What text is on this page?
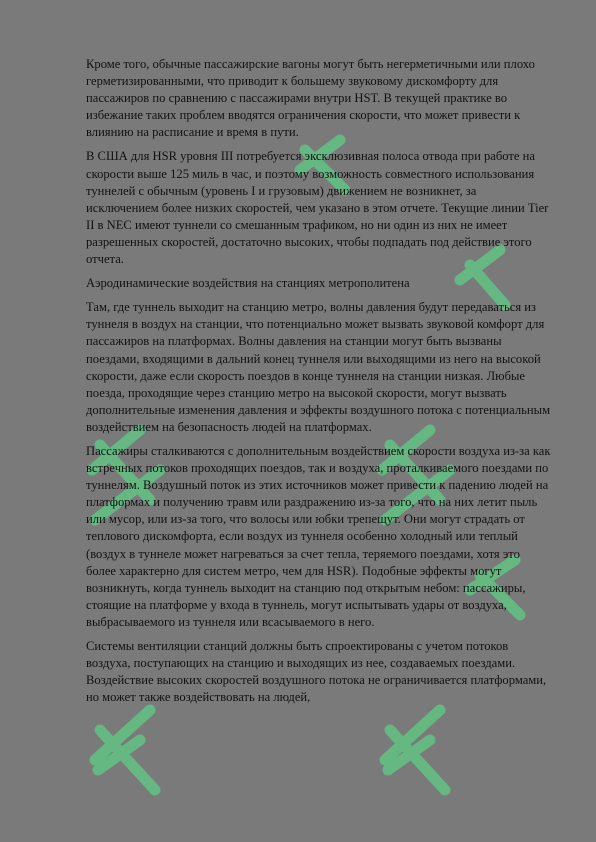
Кроме того, обычные пассажирские вагоны могут быть негерметичными или плохо герметизированными, что приводит к большему звуковому дискомфорту для пассажиров по сравнению с пассажирами внутри HST. В текущей практике во избежание таких проблем вводятся ограничения скорости, что может привести к влиянию на расписание и время в пути.

В США для HSR уровня III потребуется эксклюзивная полоса отвода при работе на скорости выше 125 миль в час, и поэтому возможность совместного использования туннелей с обычным (уровень I и грузовым) движением не возникнет, за исключением более низких скоростей, чем указано в этом отчете. Текущие линии Tier II в NEC имеют туннели со смешанным трафиком, но ни один из них не имеет разрешенных скоростей, достаточно высоких, чтобы подпадать под действие этого отчета.

Аэродинамические воздействия на станциях метрополитена

Там, где туннель выходит на станцию метро, волны давления будут передаваться из туннеля в воздух на станции, что потенциально может вызвать звуковой комфорт для пассажиров на платформах. Волны давления на станции могут быть вызваны поездами, входящими в дальний конец туннеля или выходящими из него на высокой скорости, даже если скорость поездов в конце туннеля на станции низкая. Любые поезда, проходящие через станцию метро на высокой скорости, могут вызвать дополнительные изменения давления и эффекты воздушного потока с потенциальным воздействием на безопасность людей на платформах.

Пассажиры сталкиваются с дополнительным воздействием скорости воздуха из-за как встречных потоков проходящих поездов, так и воздуха, проталкиваемого поездами по туннелям. Воздушный поток из этих источников может привести к падению людей на платформах и получению травм или раздражению из-за того, что на них летит пыль или мусор, или из-за того, что волосы или юбки трепещут. Они могут страдать от теплового дискомфорта, если воздух из туннеля особенно холодный или теплый (воздух в туннеле может нагреваться за счет тепла, теряемого поездами, хотя это более характерно для систем метро, чем для HSR). Подобные эффекты могут возникнуть, когда туннель выходит на станцию под открытым небом: пассажиры, стоящие на платформе у входа в туннель, могут испытывать удары от воздуха, выбрасываемого из туннеля или всасываемого в него.

Системы вентиляции станций должны быть спроектированы с учетом потоков воздуха, поступающих на станцию и выходящих из нее, создаваемых поездами. Воздействие высоких скоростей воздушного потока не ограничивается платформами, но может также воздействовать на людей,
